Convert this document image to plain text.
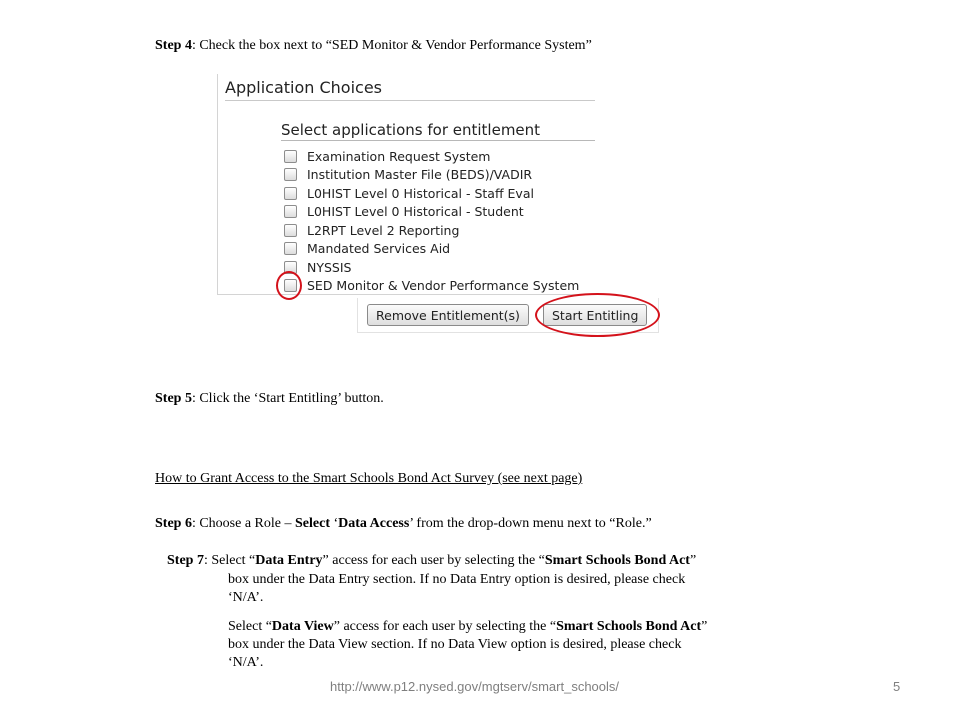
Step 4: Check the box next to “SED Monitor & Vendor Performance System”
Application Choices
Select applications for entitlement
Examination Request System
Institution Master File (BEDS)/VADIR
L0HIST Level 0 Historical - Staff Eval
L0HIST Level 0 Historical - Student
L2RPT Level 2 Reporting
Mandated Services Aid
NYSSIS
SED Monitor & Vendor Performance System
Remove Entitlement(s)	Start Entitling
Step 5: Click the ‘Start Entitling’ button.
How to Grant Access to the Smart Schools Bond Act Survey (see next page)
Step 6: Choose a Role – Select ‘Data Access’ from the drop-down menu next to “Role.”
Step 7: Select “Data Entry” access for each user by selecting the “Smart Schools Bond Act”
box under the Data Entry section. If no Data Entry option is desired, please check
‘N/A’.
Select “Data View” access for each user by selecting the “Smart Schools Bond Act”
box under the Data View section. If no Data View option is desired, please check
‘N/A’.
http://www.p12.nysed.gov/mgtserv/smart_schools/	5
